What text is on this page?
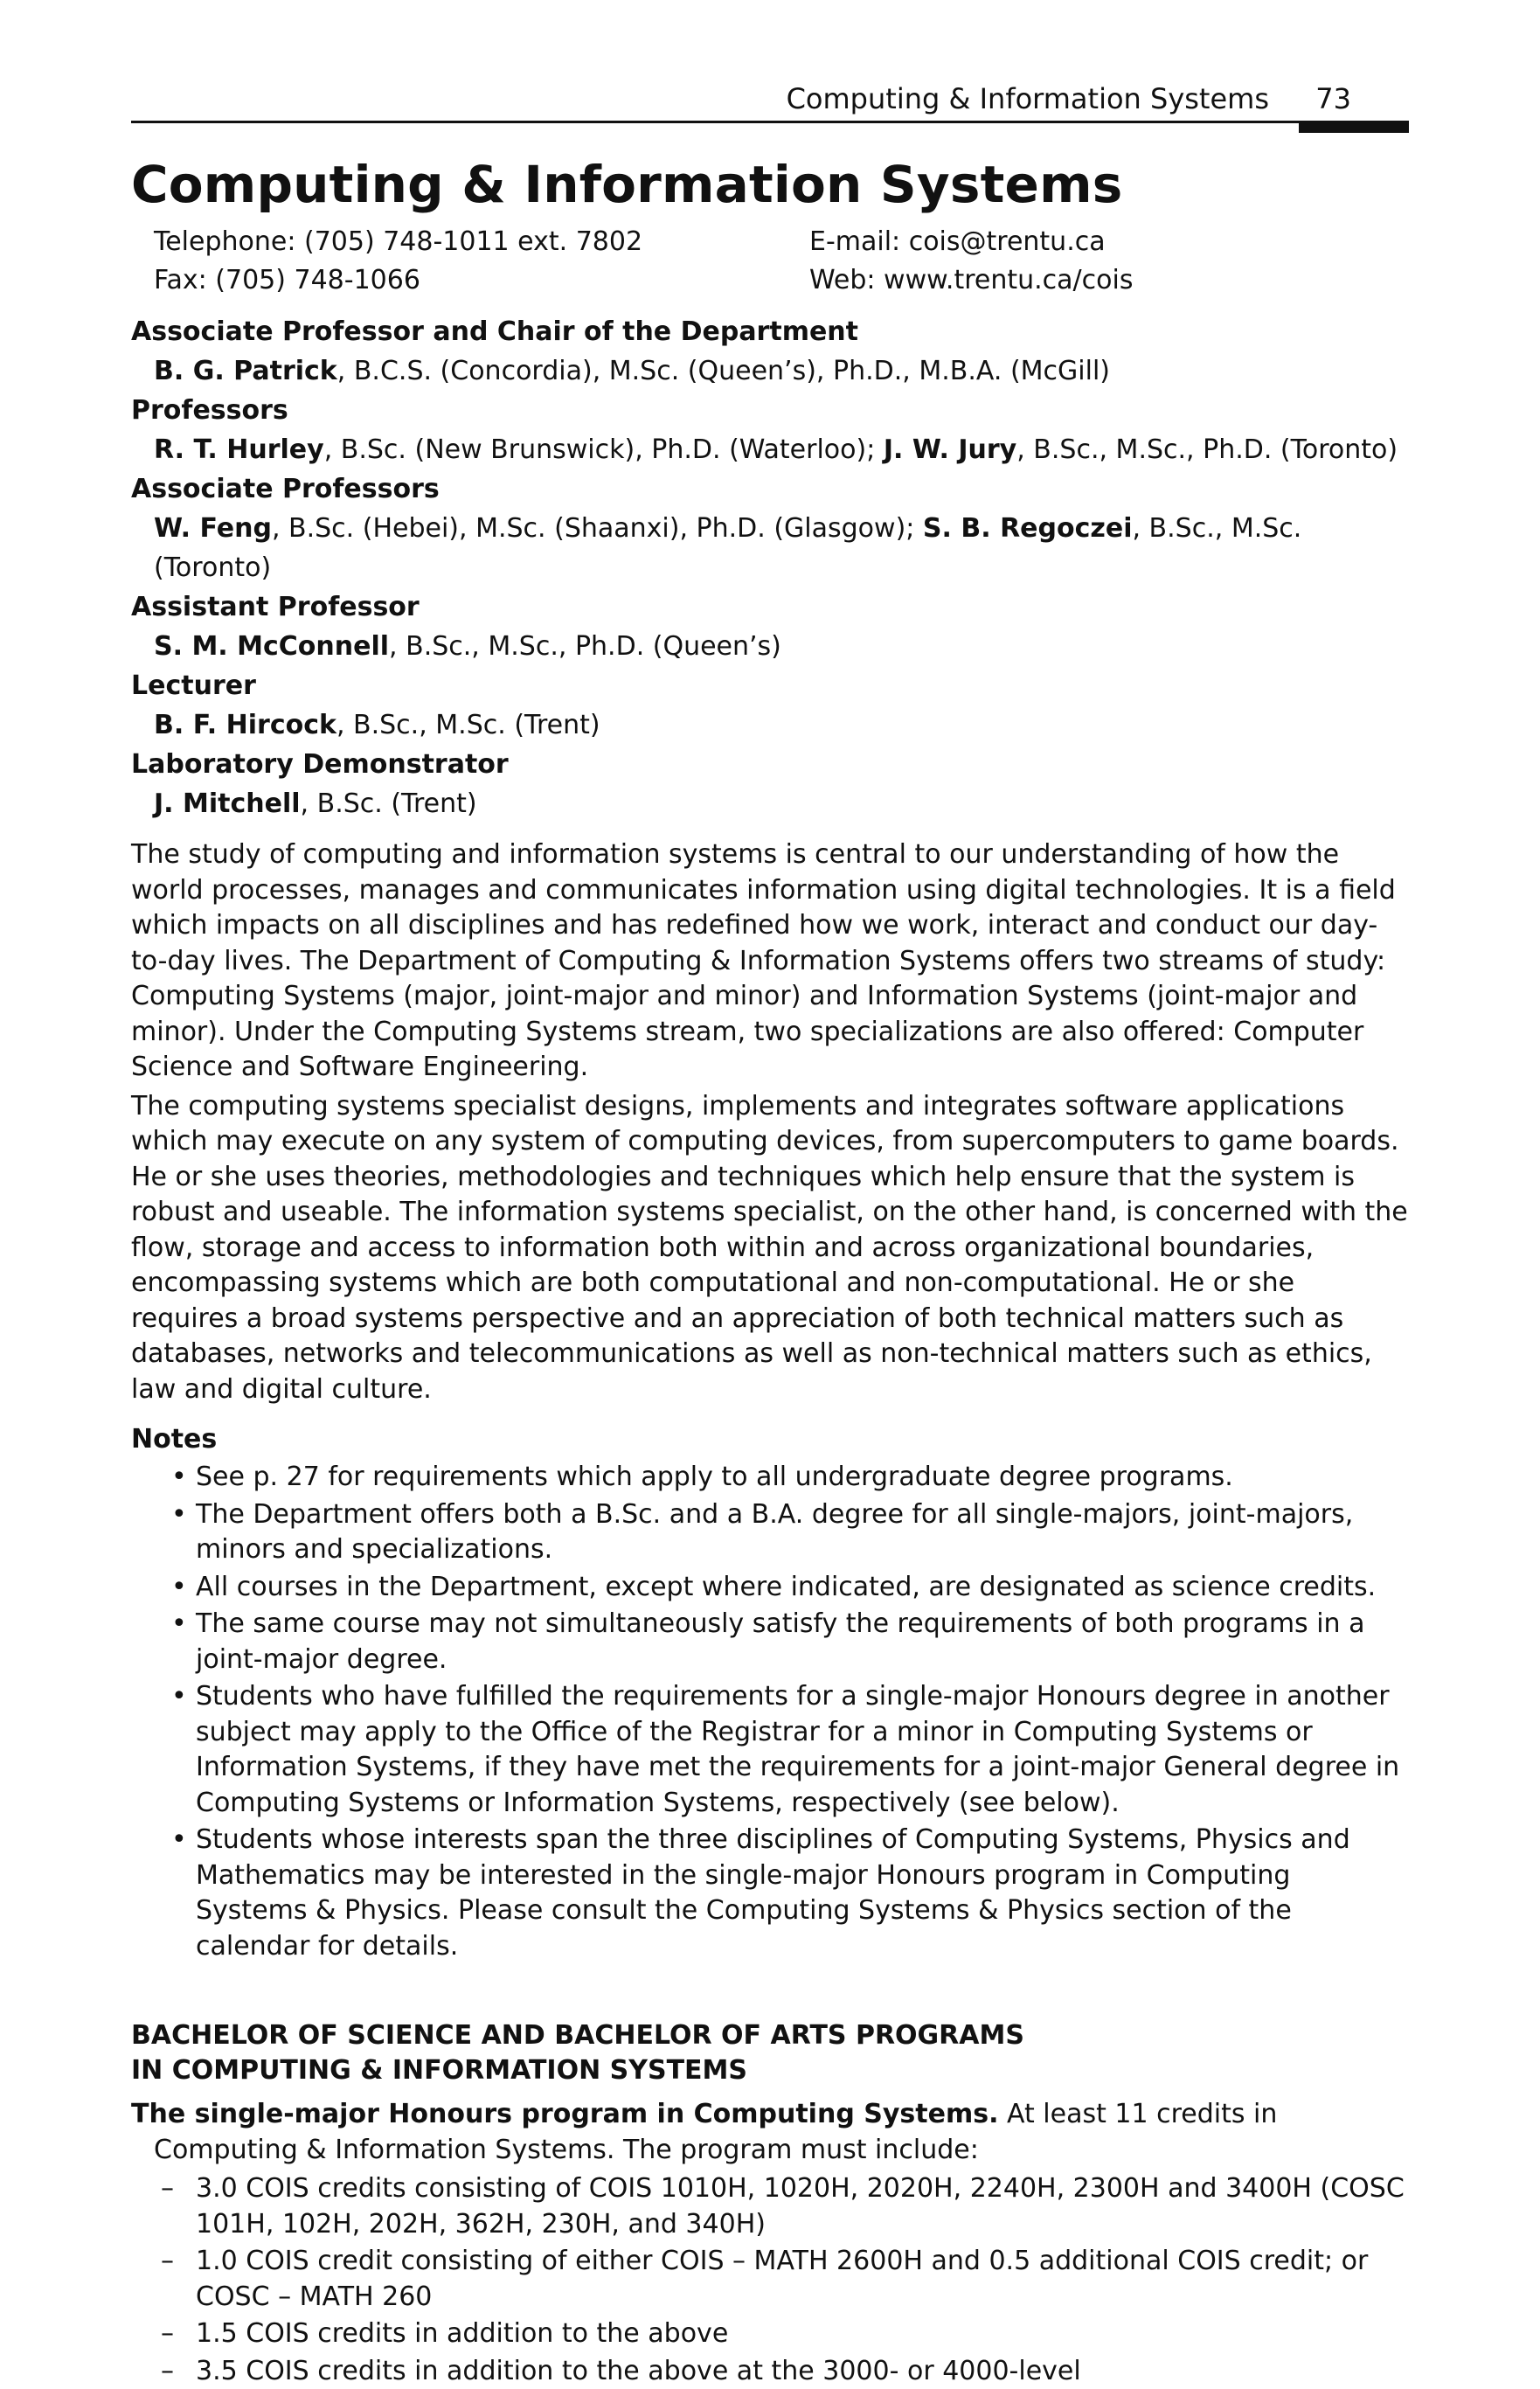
Computing & Information Systems 73
Computing & Information Systems
Telephone: (705) 748-1011 ext. 7802	E-mail: cois@trentu.ca
Fax: (705) 748-1066	Web: www.trentu.ca/cois
Associate Professor and Chair of the Department
B. G. Patrick, B.C.S. (Concordia), M.Sc. (Queen’s), Ph.D., M.B.A. (McGill)
Professors
R. T. Hurley, B.Sc. (New Brunswick), Ph.D. (Waterloo); J. W. Jury, B.Sc., M.Sc., Ph.D. (Toronto)
Associate Professors
W. Feng, B.Sc. (Hebei), M.Sc. (Shaanxi), Ph.D. (Glasgow); S. B. Regoczei, B.Sc., M.Sc. (Toronto)
Assistant Professor
S. M. McConnell, B.Sc., M.Sc., Ph.D. (Queen’s)
Lecturer
B. F. Hircock, B.Sc., M.Sc. (Trent)
Laboratory Demonstrator
J. Mitchell, B.Sc. (Trent)

The study of computing and information systems is central to our understanding of how the world processes, manages and communicates information using digital technologies. It is a field which impacts on all disciplines and has redefined how we work, interact and conduct our day-to-day lives. The Department of Computing & Information Systems offers two streams of study: Computing Systems (major, joint-major and minor) and Information Systems (joint-major and minor). Under the Computing Systems stream, two specializations are also offered: Computer Science and Software Engineering.

The computing systems specialist designs, implements and integrates software applications which may execute on any system of computing devices, from supercomputers to game boards. He or she uses theories, methodologies and techniques which help ensure that the system is robust and useable. The information systems specialist, on the other hand, is concerned with the flow, storage and access to information both within and across organizational boundaries, encompassing systems which are both computational and non-computational. He or she requires a broad systems perspective and an appreciation of both technical matters such as databases, networks and telecommunications as well as non-technical matters such as ethics, law and digital culture.

Notes
• See p. 27 for requirements which apply to all undergraduate degree programs.
• The Department offers both a B.Sc. and a B.A. degree for all single-majors, joint-majors, minors and specializations.
• All courses in the Department, except where indicated, are designated as science credits.
• The same course may not simultaneously satisfy the requirements of both programs in a joint-major degree.
• Students who have fulfilled the requirements for a single-major Honours degree in another subject may apply to the Office of the Registrar for a minor in Computing Systems or Information Systems, if they have met the requirements for a joint-major General degree in Computing Systems or Information Systems, respectively (see below).
• Students whose interests span the three disciplines of Computing Systems, Physics and Mathematics may be interested in the single-major Honours program in Computing Systems & Physics. Please consult the Computing Systems & Physics section of the calendar for details.
BACHELOR OF SCIENCE AND BACHELOR OF ARTS PROGRAMS
IN COMPUTING & INFORMATION SYSTEMS
The single-major Honours program in Computing Systems. At least 11 credits in Computing & Information Systems. The program must include:
– 3.0 COIS credits consisting of COIS 1010H, 1020H, 2020H, 2240H, 2300H and 3400H (COSC 101H, 102H, 202H, 362H, 230H, and 340H)
– 1.0 COIS credit consisting of either COIS – MATH 2600H and 0.5 additional COIS credit; or COSC – MATH 260
– 1.5 COIS credits in addition to the above
– 3.5 COIS credits in addition to the above at the 3000- or 4000-level
